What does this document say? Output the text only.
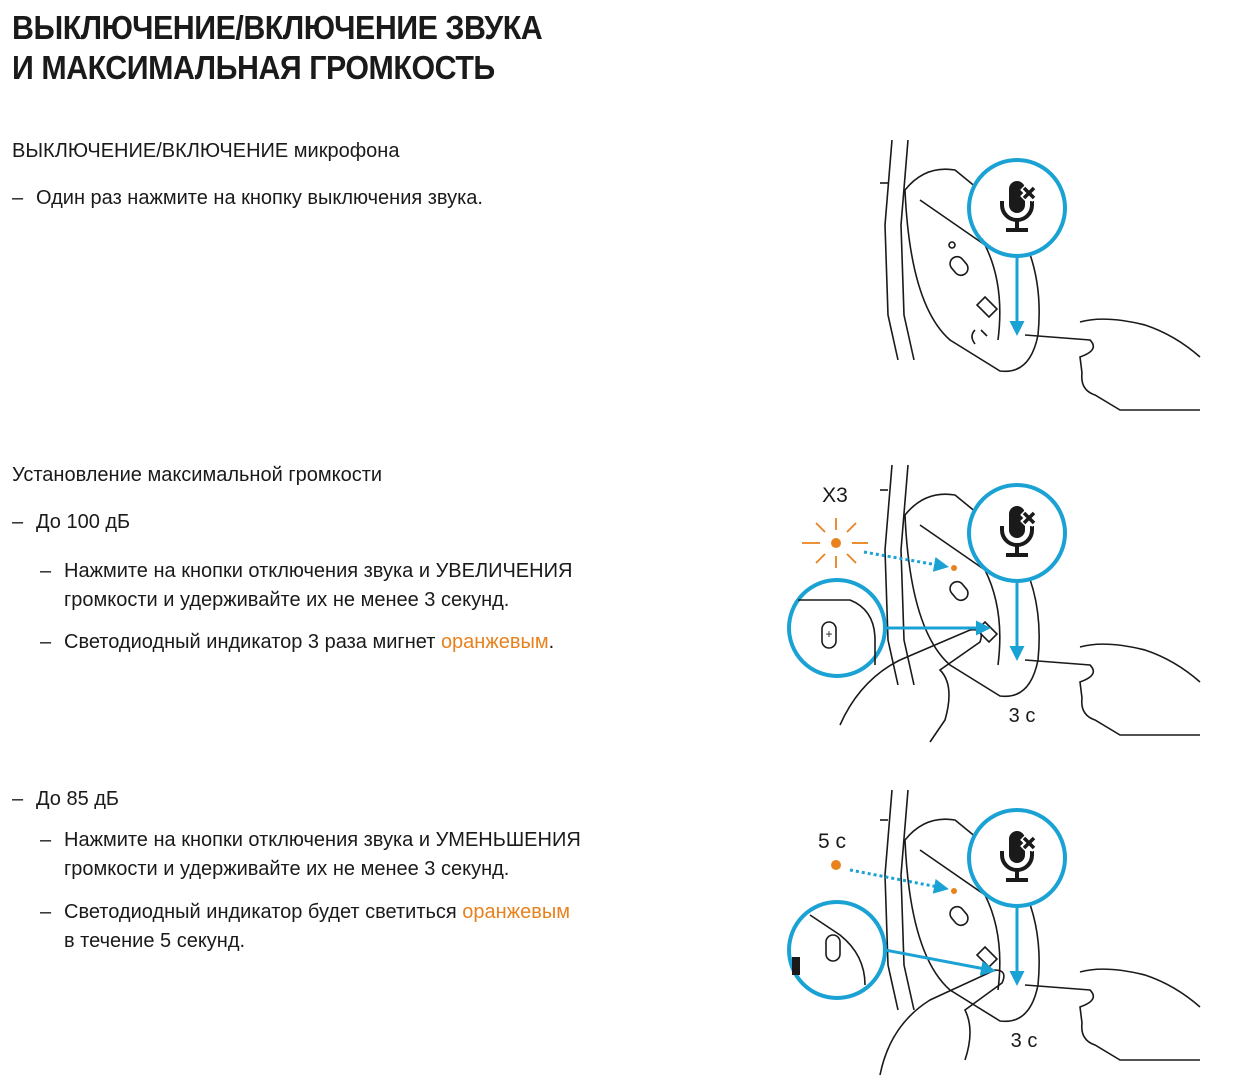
ВЫКЛЮЧЕНИЕ/ВКЛЮЧЕНИЕ ЗВУКА
И МАКСИМАЛЬНАЯ ГРОМКОСТЬ
ВЫКЛЮЧЕНИЕ/ВКЛЮЧЕНИЕ микрофона
– Один раз нажмите на кнопку выключения звука.
Установление максимальной громкости
– До 100 дБ
– Нажмите на кнопки отключения звука и УВЕЛИЧЕНИЯ
громкости и удерживайте их не менее 3 секунд.
– Светодиодный индикатор 3 раза мигнет оранжевым.
X3
+
3 с
– До 85 дБ
– Нажмите на кнопки отключения звука и УМЕНЬШЕНИЯ
громкости и удерживайте их не менее 3 секунд.
– Светодиодный индикатор будет светиться оранжевым
в течение 5 секунд.
5 с
3 с
